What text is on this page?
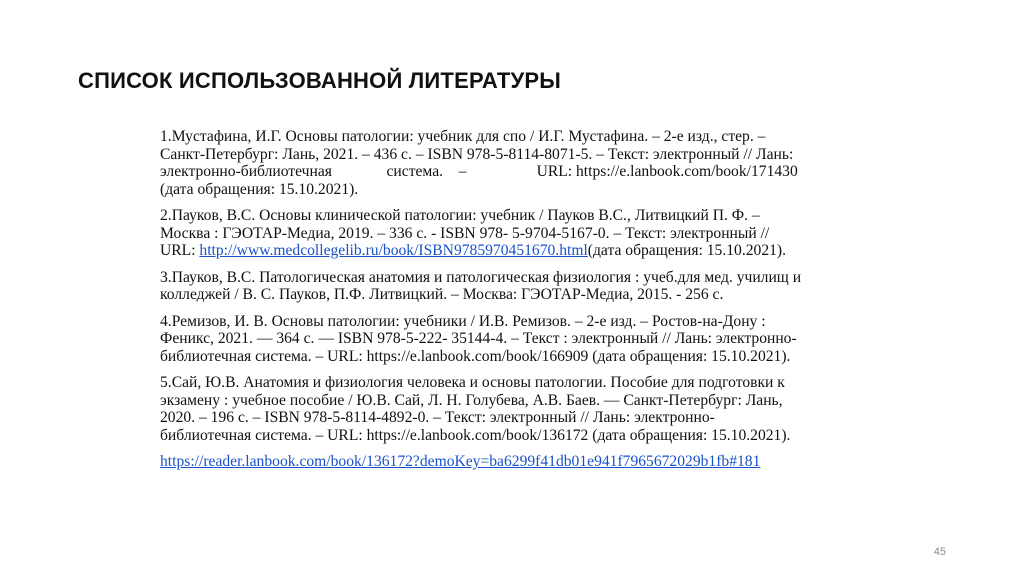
СПИСОК ИСПОЛЬЗОВАННОЙ ЛИТЕРАТУРЫ
1.Мустафина, И.Г. Основы патологии: учебник для спо / И.Г. Мустафина. – 2-е изд., стер. –
Санкт-Петербург: Лань, 2021. – 436 с. – ISBN 978-5-8114-8071-5. – Текст: электронный // Лань:
электронно-библиотечная              система.    –                  URL: https://e.lanbook.com/book/171430
(дата обращения: 15.10.2021).
2.Пауков, В.С. Основы клинической патологии: учебник / Пауков В.С., Литвицкий П. Ф. –
Москва : ГЭОТАР-Медиа, 2019. – 336 с. - ISBN 978- 5-9704-5167-0. – Текст: электронный //
URL: http://www.medcollegelib.ru/book/ISBN9785970451670.html(дата обращения: 15.10.2021).
3.Пауков, В.С. Патологическая анатомия и патологическая физиология : учеб.для мед. училищ и
колледжей / В. С. Пауков, П.Ф. Литвицкий. – Москва: ГЭОТАР-Медиа, 2015. - 256 с.
4.Ремизов, И. В. Основы патологии: учебники / И.В. Ремизов. – 2-е изд. – Ростов-на-Дону :
Феникс, 2021. — 364 с. — ISBN 978-5-222- 35144-4. – Текст : электронный // Лань: электронно-
библиотечная система. – URL: https://e.lanbook.com/book/166909 (дата обращения: 15.10.2021).
5.Сай, Ю.В. Анатомия и физиология человека и основы патологии. Пособие для подготовки к
экзамену : учебное пособие / Ю.В. Сай, Л. Н. Голубева, А.В. Баев. — Санкт-Петербург: Лань,
2020. – 196 с. – ISBN 978-5-8114-4892-0. – Текст: электронный // Лань: электронно-
библиотечная система. – URL: https://e.lanbook.com/book/136172 (дата обращения: 15.10.2021).
https://reader.lanbook.com/book/136172?demoKey=ba6299f41db01e941f7965672029b1fb#181
45
